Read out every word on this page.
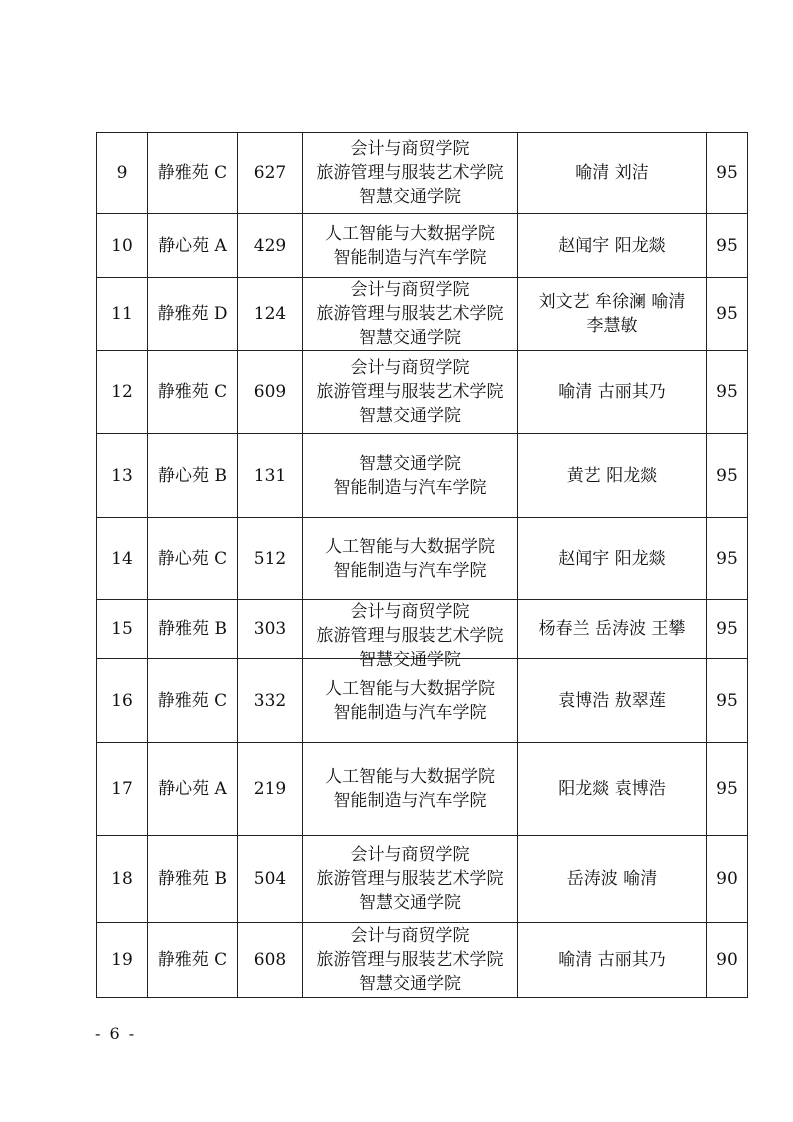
9	静雅苑 C	627	会计与商贸学院
旅游管理与服装艺术学院
智慧交通学院	喻清 刘洁	95
10	静心苑 A	429	人工智能与大数据学院
智能制造与汽车学院	赵闻宇 阳龙燚	95
11	静雅苑 D	124	会计与商贸学院
旅游管理与服装艺术学院
智慧交通学院	刘文艺 牟徐澜 喻清
李慧敏	95
12	静雅苑 C	609	会计与商贸学院
旅游管理与服装艺术学院
智慧交通学院	喻清 古丽其乃	95
13	静心苑 B	131	智慧交通学院
智能制造与汽车学院	黄艺 阳龙燚	95
14	静心苑 C	512	人工智能与大数据学院
智能制造与汽车学院	赵闻宇 阳龙燚	95
15	静雅苑 B	303	会计与商贸学院
旅游管理与服装艺术学院
智慧交通学院	杨春兰 岳涛波 王攀	95
16	静雅苑 C	332	人工智能与大数据学院
智能制造与汽车学院	袁博浩 敖翠莲	95
17	静心苑 A	219	人工智能与大数据学院
智能制造与汽车学院	阳龙燚 袁博浩	95
18	静雅苑 B	504	会计与商贸学院
旅游管理与服装艺术学院
智慧交通学院	岳涛波 喻清	90
19	静雅苑 C	608	会计与商贸学院
旅游管理与服装艺术学院
智慧交通学院	喻清 古丽其乃	90
- 6 -
